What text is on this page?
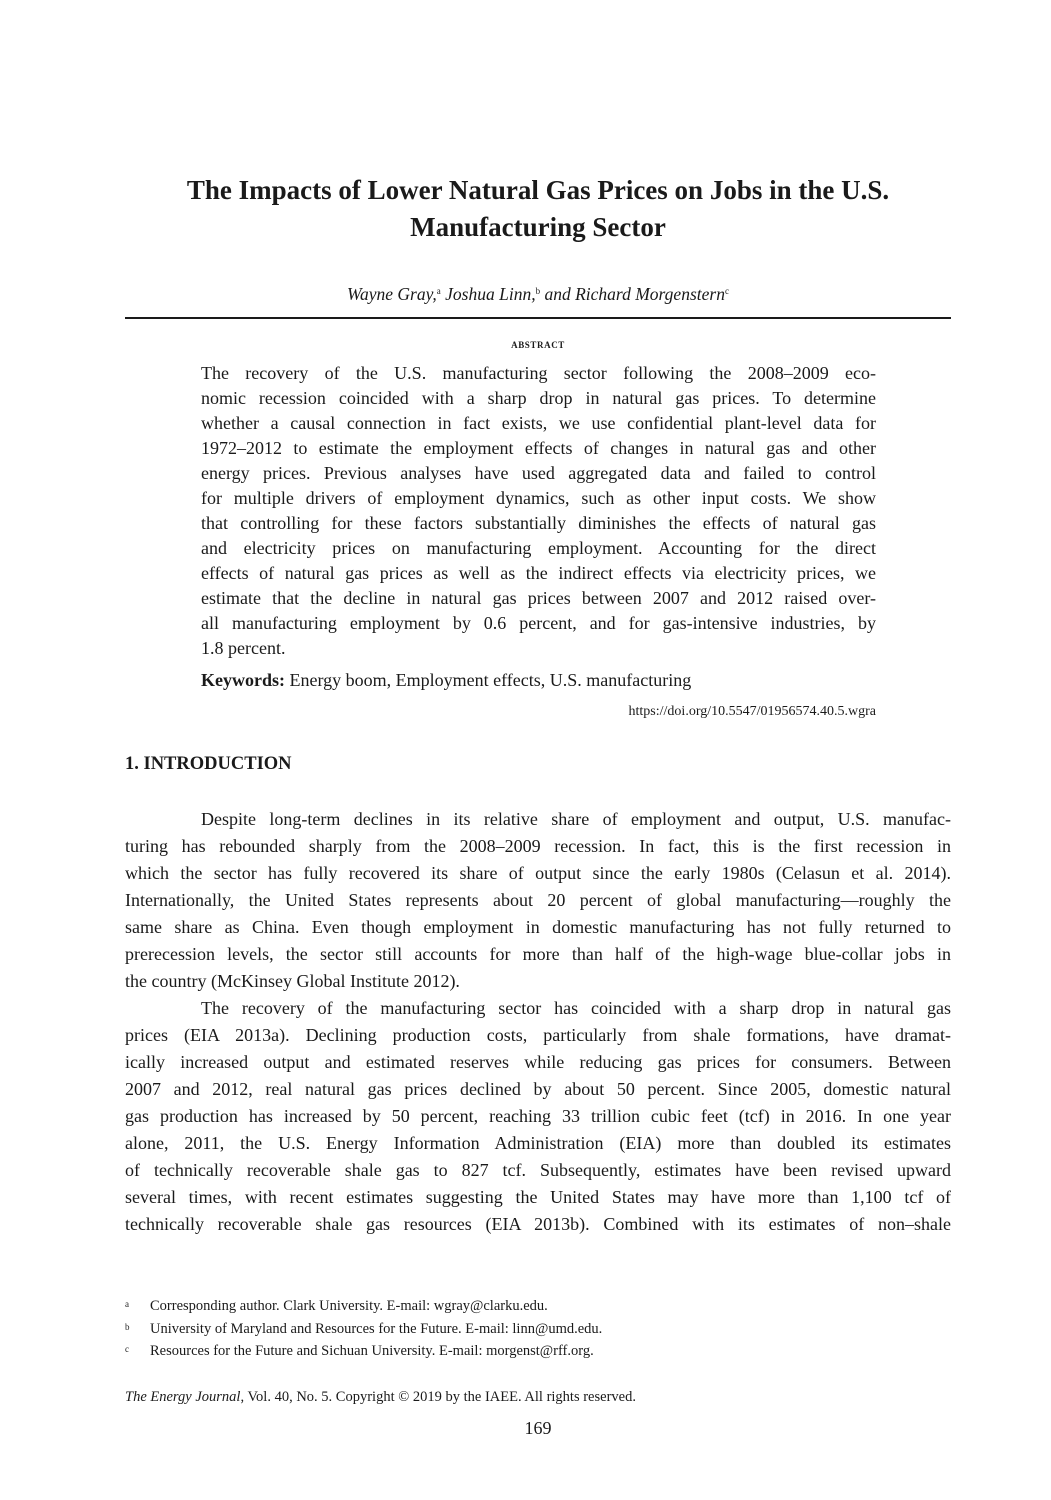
The Impacts of Lower Natural Gas Prices on Jobs in the U.S.
Manufacturing Sector
Wayne Gray,$^a$ Joshua Linn,$^b$ and Richard Morgenstern$^c$
abstract
The recovery of the U.S. manufacturing sector following the 2008–2009 eco-
nomic recession coincided with a sharp drop in natural gas prices. To determine
whether a causal connection in fact exists, we use confidential plant-level data for
1972–2012 to estimate the employment effects of changes in natural gas and other
energy prices. Previous analyses have used aggregated data and failed to control
for multiple drivers of employment dynamics, such as other input costs. We show
that controlling for these factors substantially diminishes the effects of natural gas
and electricity prices on manufacturing employment. Accounting for the direct
effects of natural gas prices as well as the indirect effects via electricity prices, we
estimate that the decline in natural gas prices between 2007 and 2012 raised over-
all manufacturing employment by 0.6 percent, and for gas-intensive industries, by
1.8 percent.
Keywords: Energy boom, Employment effects, U.S. manufacturing
https://doi.org/10.5547/01956574.40.5.wgra
1. INTRODUCTION
Despite long-term declines in its relative share of employment and output, U.S. manufac-
turing has rebounded sharply from the 2008–2009 recession. In fact, this is the first recession in
which the sector has fully recovered its share of output since the early 1980s (Celasun et al. 2014).
Internationally, the United States represents about 20 percent of global manufacturing—roughly the
same share as China. Even though employment in domestic manufacturing has not fully returned to
prerecession levels, the sector still accounts for more than half of the high-wage blue-collar jobs in
the country (McKinsey Global Institute 2012).
The recovery of the manufacturing sector has coincided with a sharp drop in natural gas
prices (EIA 2013a). Declining production costs, particularly from shale formations, have dramat-
ically increased output and estimated reserves while reducing gas prices for consumers. Between
2007 and 2012, real natural gas prices declined by about 50 percent. Since 2005, domestic natural
gas production has increased by 50 percent, reaching 33 trillion cubic feet (tcf) in 2016. In one year
alone, 2011, the U.S. Energy Information Administration (EIA) more than doubled its estimates
of technically recoverable shale gas to 827 tcf. Subsequently, estimates have been revised upward
several times, with recent estimates suggesting the United States may have more than 1,100 tcf of
technically recoverable shale gas resources (EIA 2013b). Combined with its estimates of non–shale
a Corresponding author. Clark University. E-mail: wgray@clarku.edu.
b University of Maryland and Resources for the Future. E-mail: linn@umd.edu.
c Resources for the Future and Sichuan University. E-mail: morgenst@rff.org.
The Energy Journal, Vol. 40, No. 5. Copyright © 2019 by the IAEE. All rights reserved.
169
